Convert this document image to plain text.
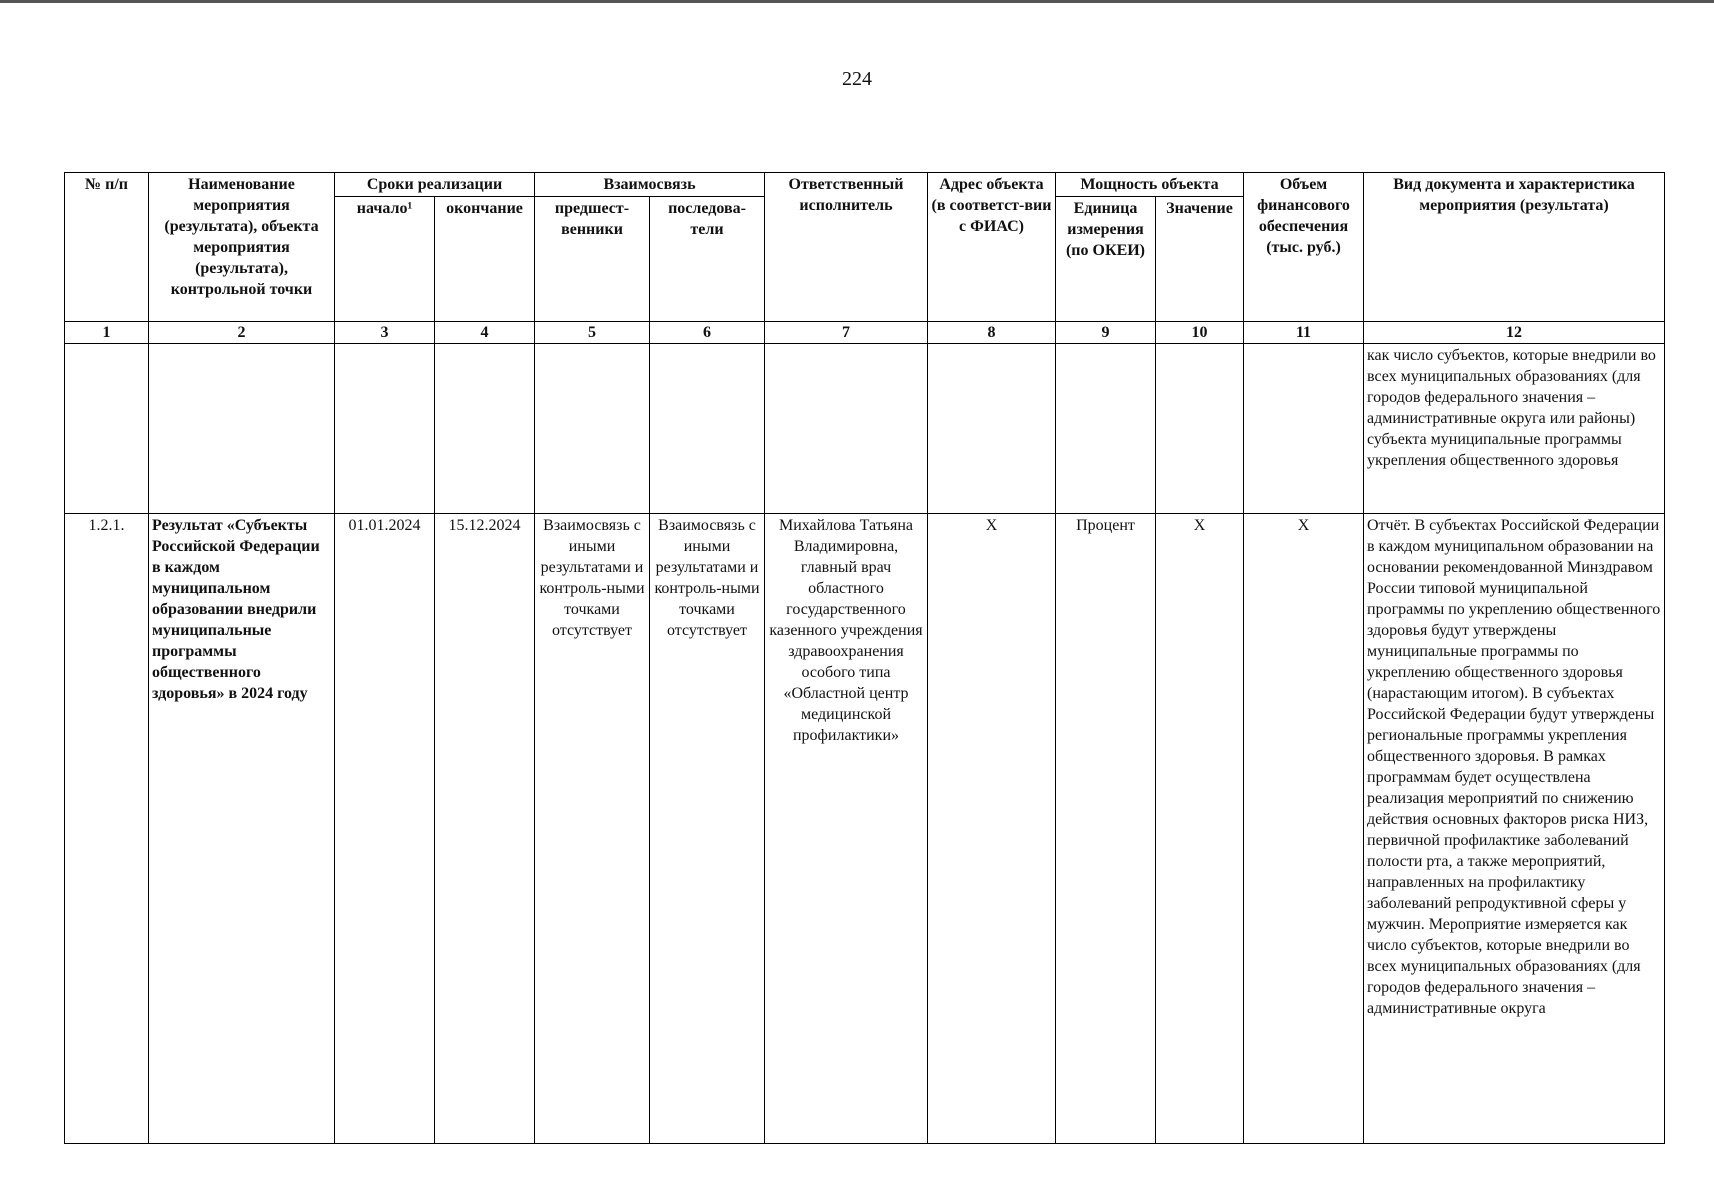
224
№ п/п	Наименование мероприятия (результата), объекта мероприятия (результата), контрольной точки	Сроки реализации		Взаимосвязь		Ответственный исполнитель	Адрес объекта (в соответст-вии с ФИАС)	Мощность объекта		Объем финансового обеспечения (тыс. руб.)	Вид документа и характеристика мероприятия (результата)
		начало¹	окончание	предшест-венники	последова-тели			Единица измерения (по ОКЕИ)	Значение		
1	2	3	4	5	6	7	8	9	10	11	12
											как число субъектов, которые внедрили во всех муниципальных образованиях (для городов федерального значения – административные округа или районы) субъекта муниципальные программы укрепления общественного здоровья
1.2.1.	Результат «Субъекты Российской Федерации в каждом муниципальном образовании внедрили муниципальные программы общественного здоровья» в 2024 году	01.01.2024	15.12.2024	Взаимосвязь с иными результатами и контроль-ными точками отсутствует	Взаимосвязь с иными результатами и контроль-ными точками отсутствует	Михайлова Татьяна Владимировна, главный врач областного государственного казенного учреждения здравоохранения особого типа «Областной центр медицинской профилактики»	X	Процент	X	X	Отчёт. В субъектах Российской Федерации в каждом муниципальном образовании на основании рекомендованной Минздравом России типовой муниципальной программы по укреплению общественного здоровья будут утверждены муниципальные программы по укреплению общественного здоровья (нарастающим итогом). В субъектах Российской Федерации будут утверждены региональные программы укрепления общественного здоровья. В рамках программам будет осуществлена реализация мероприятий по снижению действия основных факторов риска НИЗ, первичной профилактике заболеваний полости рта, а также мероприятий, направленных на профилактику заболеваний репродуктивной сферы у мужчин. Мероприятие измеряется как число субъектов, которые внедрили во всех муниципальных образованиях (для городов федерального значения – административные округа
